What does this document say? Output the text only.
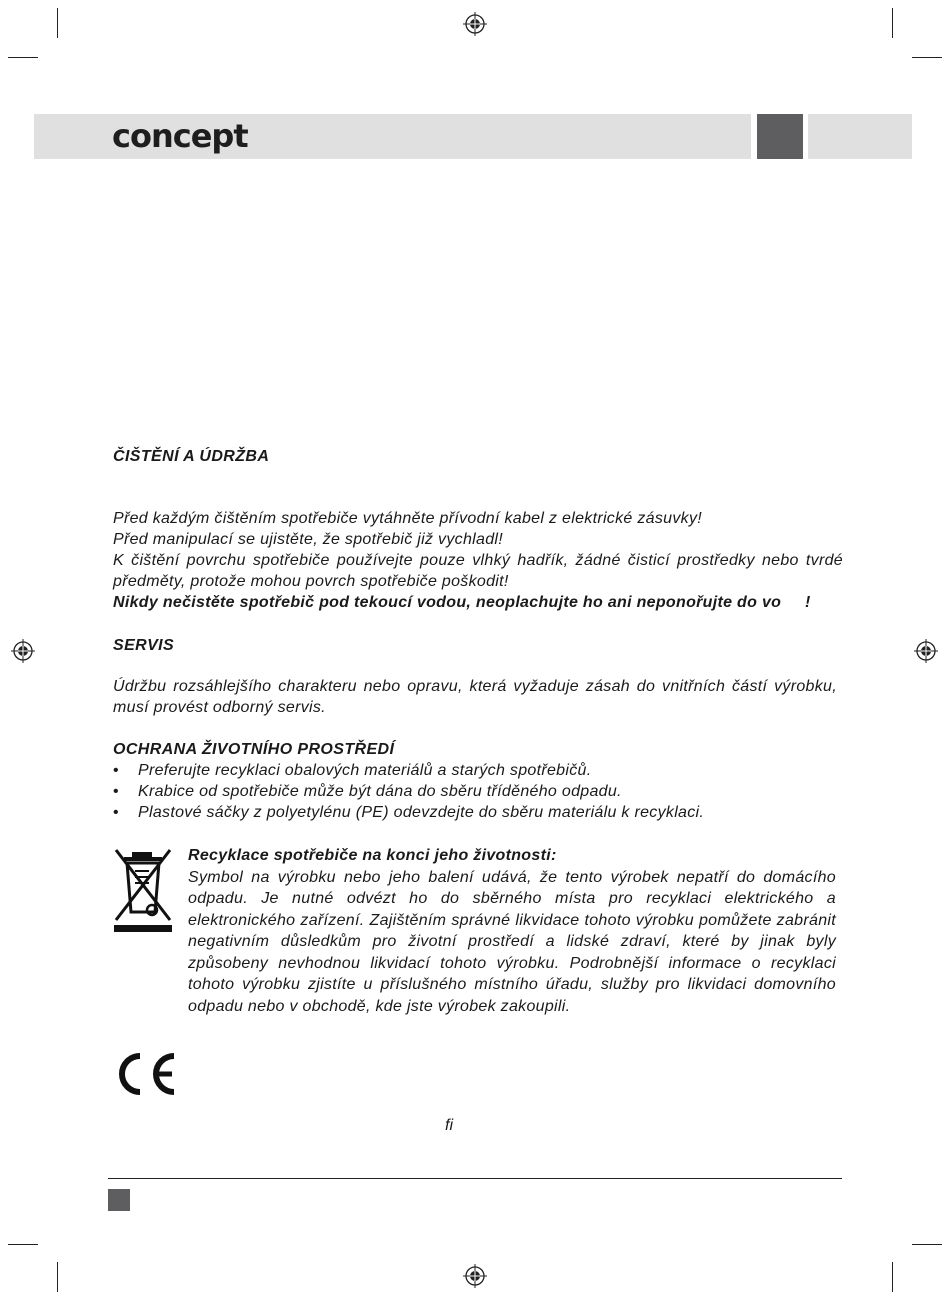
concept
ČIŠTĚNÍ A ÚDRŽBA
Před každým čištěním spotřebiče vytáhněte přívodní kabel z elektrické zásuvky!
Před manipulací se ujistěte, že spotřebič již vychladl!
K čištění povrchu spotřebiče používejte pouze vlhký hadřík, žádné čisticí prostředky nebo tvrdé předměty, protože mohou povrch spotřebiče poškodit!
Nikdy nečistěte spotřebič pod tekoucí vodou, neoplachujte ho ani neponořujte do vo     !
SERVIS
Údržbu rozsáhlejšího charakteru nebo opravu, která vyžaduje zásah do vnitřních částí výrobku, musí provést odborný servis.
OCHRANA ŽIVOTNÍHO PROSTŘEDÍ
• Preferujte recyklaci obalových materiálů a starých spotřebičů.
• Krabice od spotřebiče může být dána do sběru tříděného odpadu.
• Plastové sáčky z polyetylénu (PE) odevzdejte do sběru materiálu k recyklaci.
Recyklace spotřebiče na konci jeho životnosti:
Symbol na výrobku nebo jeho balení udává, že tento výrobek nepatří do domácího odpadu. Je nutné odvézt ho do sběrného místa pro recyklaci elektrického a elektronického zařízení. Zajištěním správné likvidace tohoto výrobku pomůžete zabránit negativním důsledkům pro životní prostředí a lidské zdraví, které by jinak byly způsobeny nevhodnou likvidací tohoto výrobku. Podrobnější informace o recyklaci tohoto výrobku zjistíte u příslušného místního úřadu, služby pro likvidaci domovního odpadu nebo v obchodě, kde jste výrobek zakoupili.
fi
